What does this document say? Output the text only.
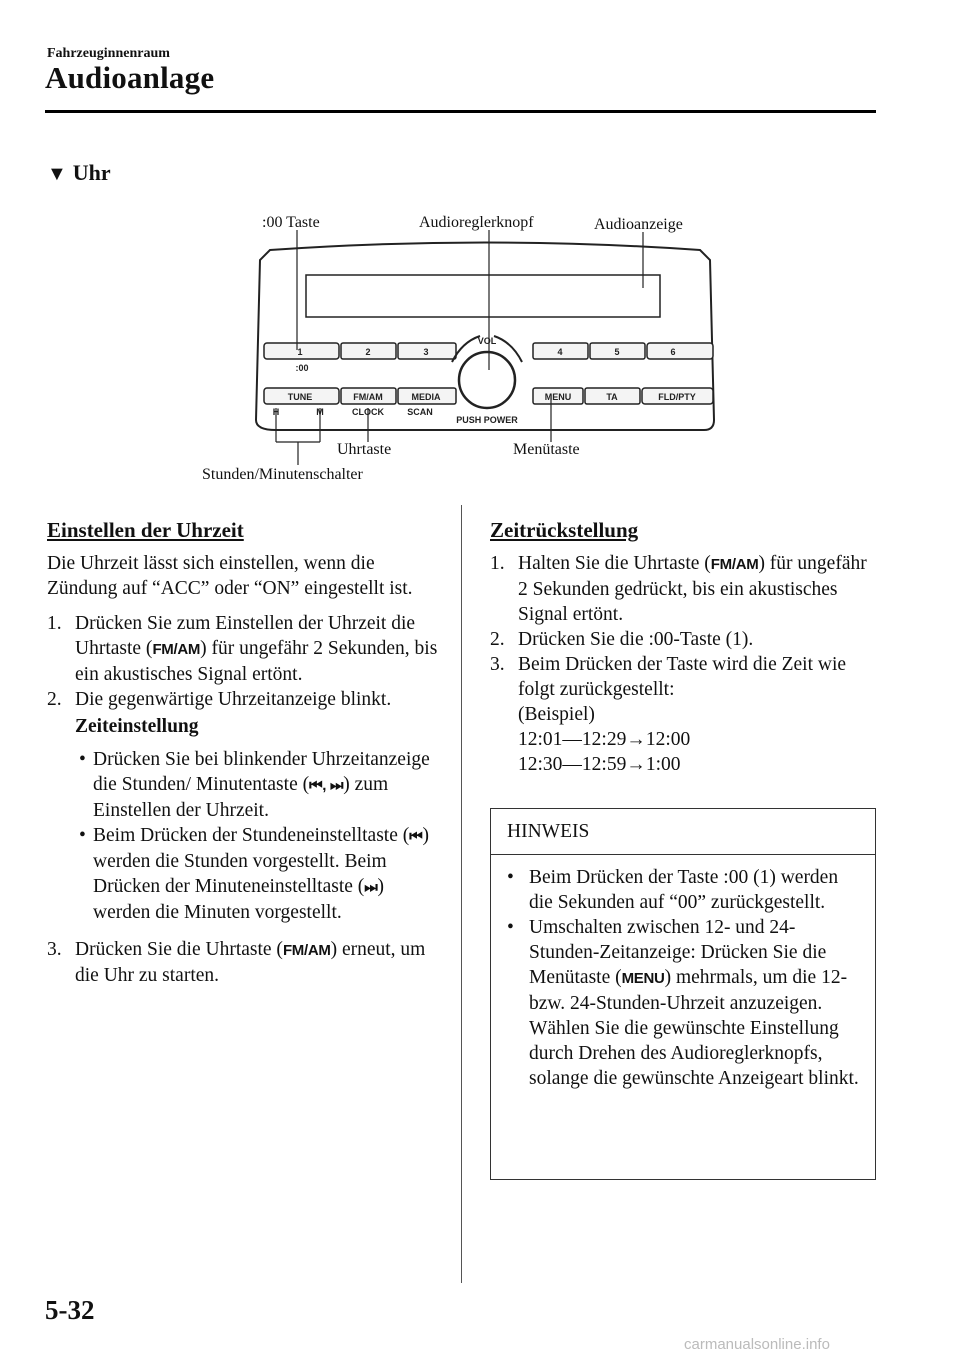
Fahrzeuginnenraum
Audioanlage
▼ Uhr
:00 Taste	Audioreglerknopf	Audioanzeige
Uhrtaste	Menütaste
Stunden/Minutenschalter
1	2	3
:00
4	5	6
VOL
PUSH POWER
TUNE	FM/AM	MEDIA
H	M	CLOCK	SCAN
MENU	TA	FLD/PTY
Einstellen der Uhrzeit

Die Uhrzeit lässt sich einstellen, wenn die Zündung auf “ACC” oder “ON” eingestellt ist.

1. Drücken Sie zum Einstellen der Uhrzeit die Uhrtaste (FM/AM) für ungefähr 2 Sekunden, bis ein akustisches Signal ertönt.
2. Die gegenwärtige Uhrzeitanzeige blinkt.
Zeiteinstellung
• Drücken Sie bei blinkender Uhrzeitanzeige die Stunden/ Minutentaste (⏮, ⏭) zum Einstellen der Uhrzeit.
• Beim Drücken der Stundeneinstelltaste (⏮) werden die Stunden vorgestellt. Beim Drücken der Minuteneinstelltaste (⏭) werden die Minuten vorgestellt.
3. Drücken Sie die Uhrtaste (FM/AM) erneut, um die Uhr zu starten.
Zeitrückstellung
1. Halten Sie die Uhrtaste (FM/AM) für ungefähr 2 Sekunden gedrückt, bis ein akustisches Signal ertönt.
2. Drücken Sie die :00-Taste (1).
3. Beim Drücken der Taste wird die Zeit wie folgt zurückgestellt:
(Beispiel)
12:01—12:29→12:00
12:30—12:59→1:00
HINWEIS
• Beim Drücken der Taste :00 (1) werden die Sekunden auf “00” zurückgestellt.
• Umschalten zwischen 12- und 24-Stunden-Zeitanzeige: Drücken Sie die Menütaste (MENU) mehrmals, um die 12- bzw. 24-Stunden-Uhrzeit anzuzeigen. Wählen Sie die gewünschte Einstellung durch Drehen des Audioreglerknopfs, solange die gewünschte Anzeigeart blinkt.
5-32
carmanualsonline.info
